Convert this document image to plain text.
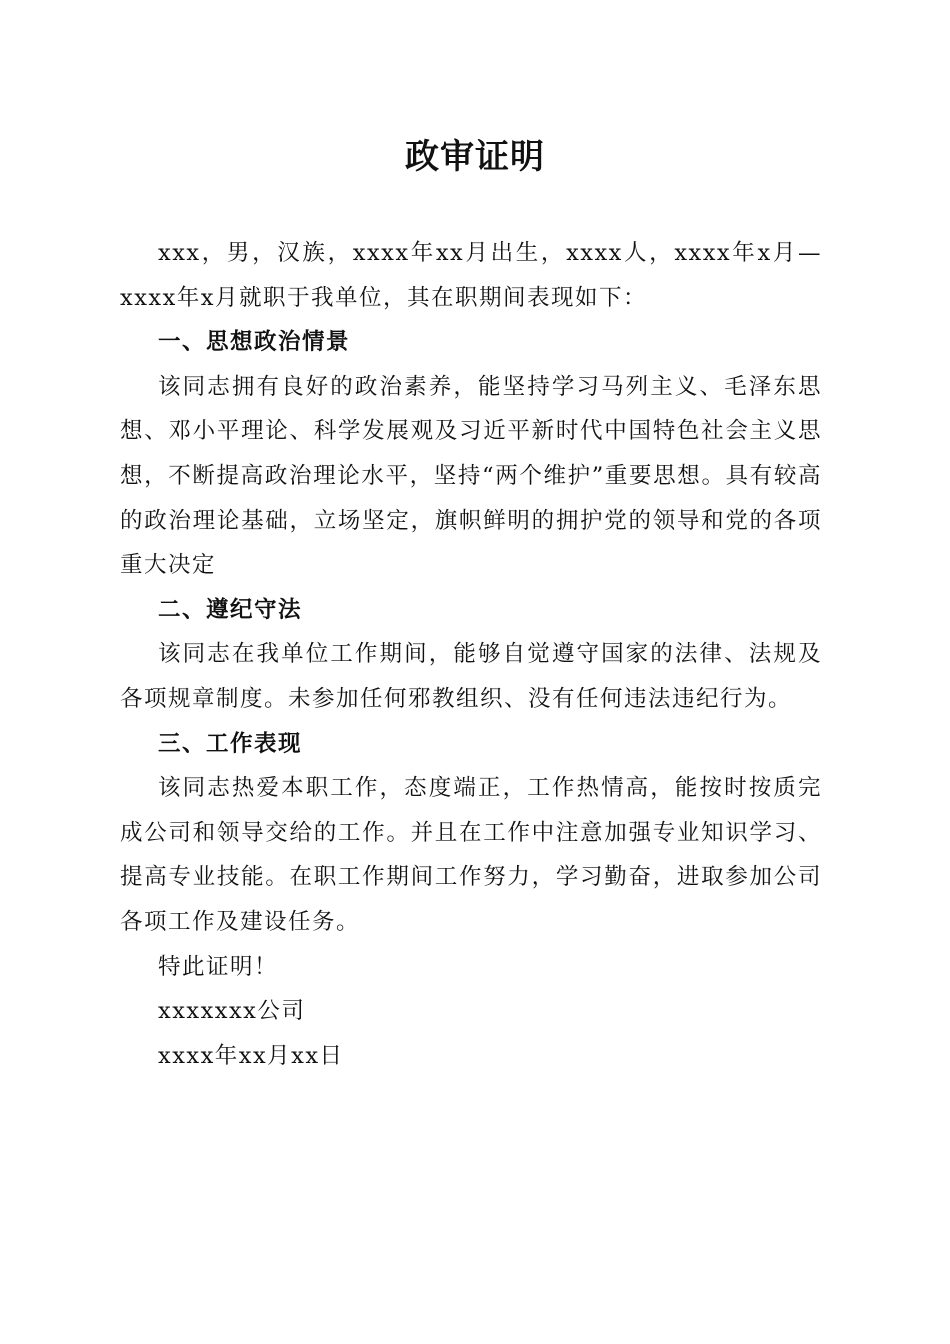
政审证明

xxx，男，汉族，xxxx年xx月出生，xxxx人，xxxx年x月—xxxx年x月就职于我单位，其在职期间表现如下：

一、思想政治情景

该同志拥有良好的政治素养，能坚持学习马列主义、毛泽东思想、邓小平理论、科学发展观及习近平新时代中国特色社会主义思想，不断提高政治理论水平，坚持“两个维护”重要思想。具有较高的政治理论基础，立场坚定，旗帜鲜明的拥护党的领导和党的各项重大决定

二、遵纪守法

该同志在我单位工作期间，能够自觉遵守国家的法律、法规及各项规章制度。未参加任何邪教组织、没有任何违法违纪行为。

三、工作表现

该同志热爱本职工作，态度端正，工作热情高，能按时按质完成公司和领导交给的工作。并且在工作中注意加强专业知识学习、提高专业技能。在职工作期间工作努力，学习勤奋，进取参加公司各项工作及建设任务。

特此证明！

xxxxxxx公司

xxxx年xx月xx日
